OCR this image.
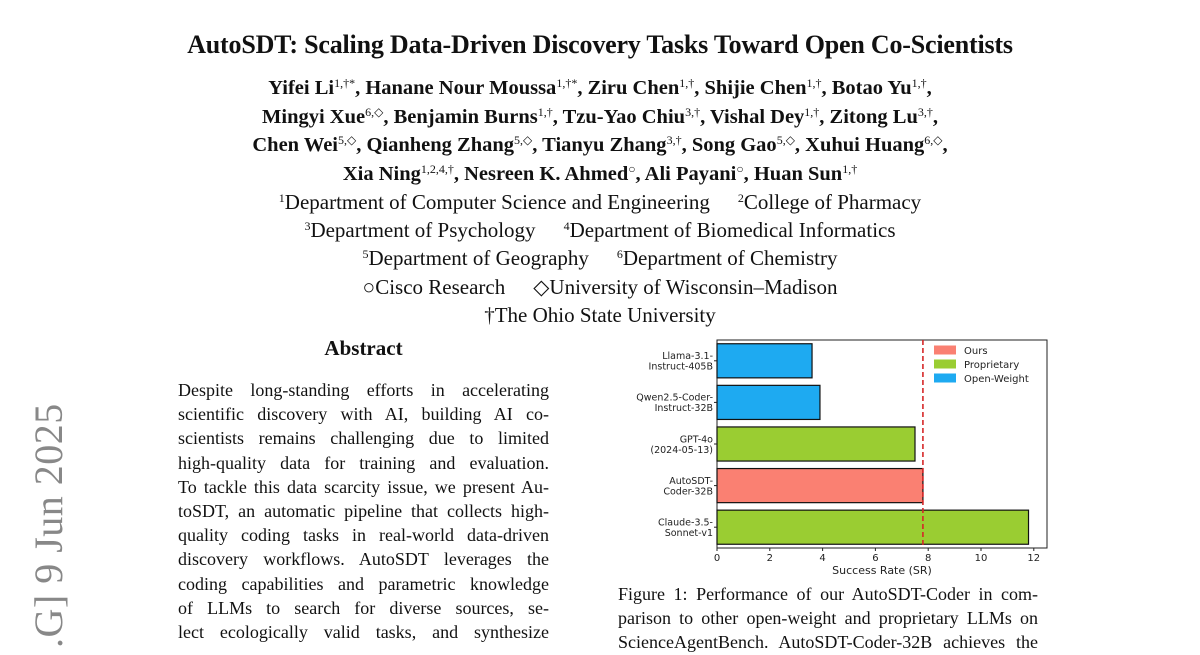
.G] 9 Jun 2025
AutoSDT: Scaling Data-Driven Discovery Tasks Toward Open Co-Scientists
Yifei $Li^{1,\dagger*}$, Hanane Nour Moussa$^{1,\dagger*}$, Ziru Chen$^{1,\dagger}$, Shijie Chen$^{1,\dagger}$, Botao $Yu^{1,\dagger}$,
Mingyi Xue$^{6,◇}$, Benjamin Burns$^{1,\dagger}$, Tzu-Yao Chiu$^{3,\dagger}$, Vishal Dey$^{1,\dagger}$, Zitong $Lu^{3,\dagger}$,
Chen Wei$^{5,◇}$, Qianheng Zhang$^{5,◇}$, Tianyu Zhang$^{3,\dagger}$, Song Gao$^{5,◇}$, Xuhui Huang$^{6,◇}$,
Xia Ning$^{1,2,4,\dagger}$, Nesreen K. Ahmed○, Ali Payani○, Huan Sun$^{1,\dagger}$
$^1$Department of Computer Science and Engineering $^2$College of Pharmacy
$^3$Department of Psychology $^4$Department of Biomedical Informatics
$^5$Department of Geography $^6$Department of Chemistry
○Cisco Research ◇University of Wisconsin–Madison
†The Ohio State University
Abstract
Despite long-standing efforts in accelerating
scientific discovery with AI, building AI co-
scientists remains challenging due to limited
high-quality data for training and evaluation.
To tackle this data scarcity issue, we present Au-
toSDT, an automatic pipeline that collects high-
quality coding tasks in real-world data-driven
discovery workflows. AutoSDT leverages the
coding capabilities and parametric knowledge
of LLMs to search for diverse sources, se-
lect ecologically valid tasks, and synthesize
Llama-3.1-
Instruct-405B
Qwen2.5-Coder-
Instruct-32B
GPT-4o
(2024-05-13)
AutoSDT-
Coder-32B
Claude-3.5-
Sonnet-v1
0	2	4	6	8	10	12
Success Rate (SR)
Ours
Proprietary
Open-Weight
Figure 1: Performance of our AutoSDT-Coder in com-
parison to other open-weight and proprietary LLMs on
ScienceAgentBench. AutoSDT-Coder-32B achieves the
